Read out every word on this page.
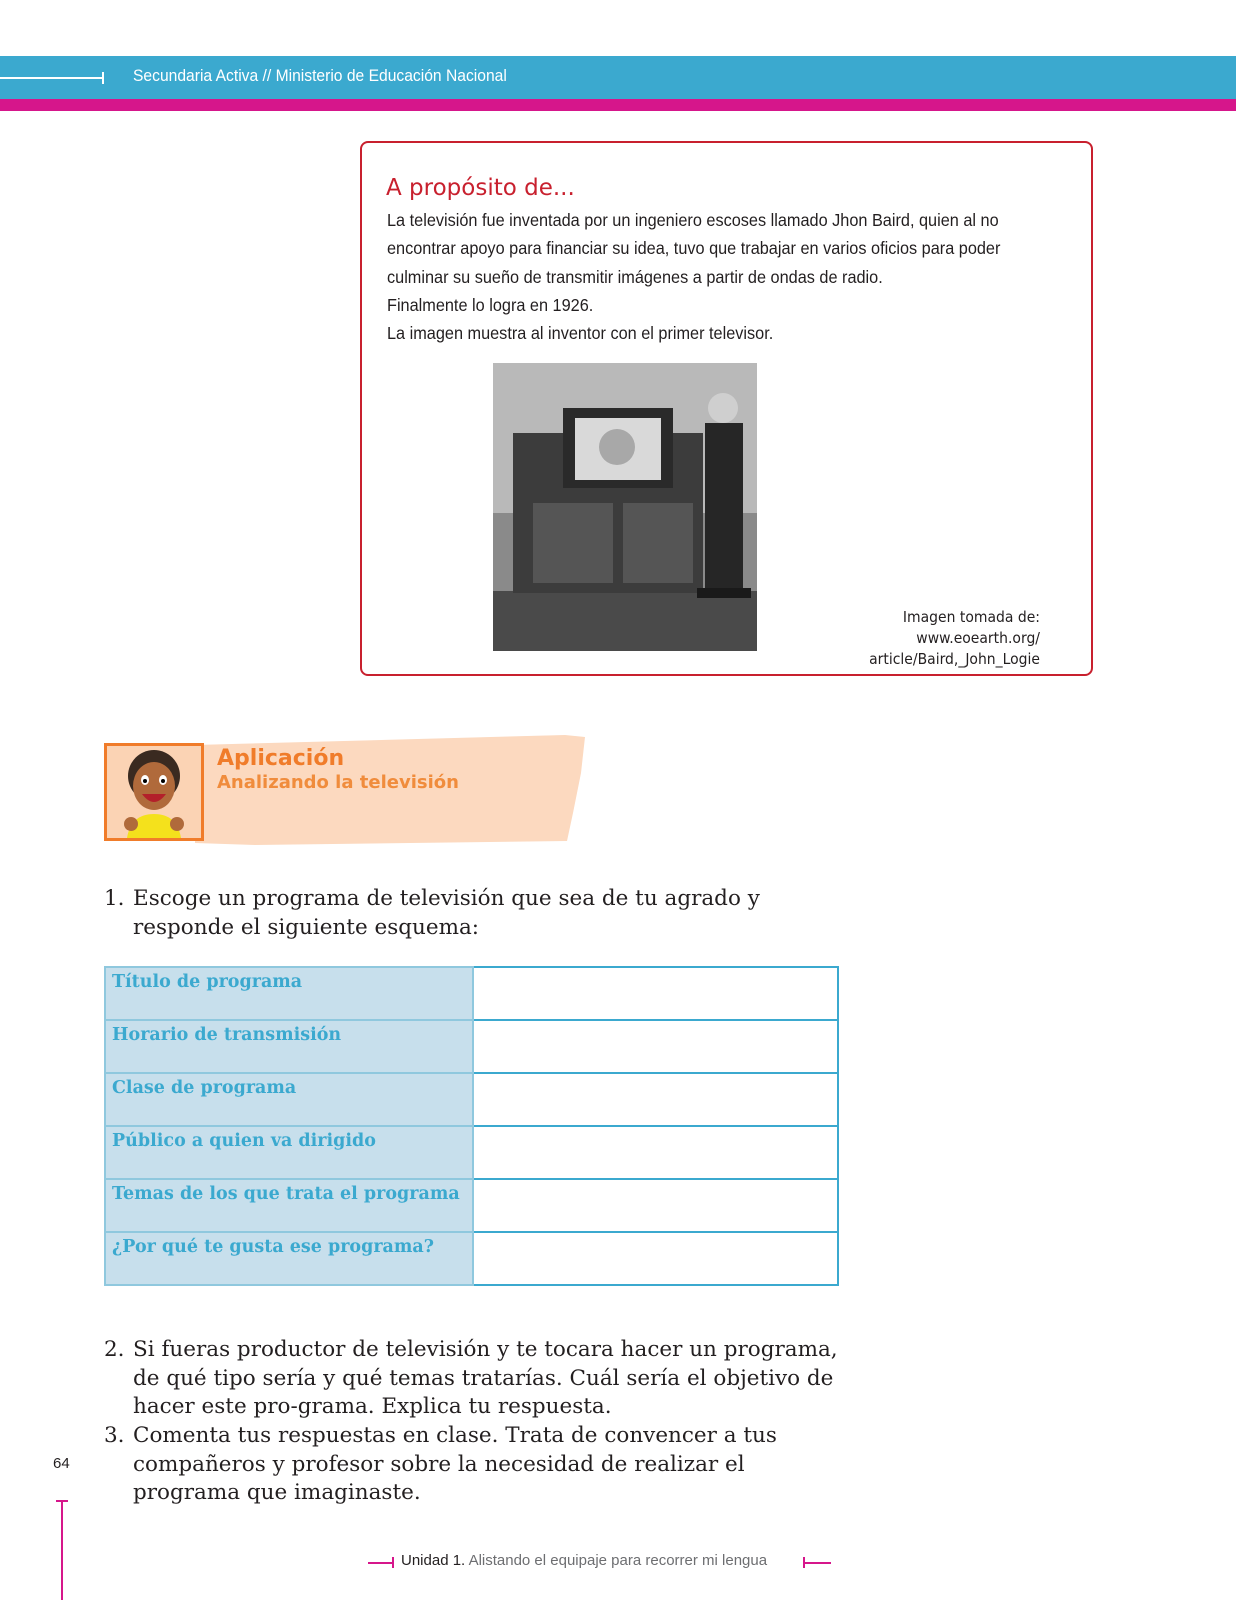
Secundaria Activa // Ministerio de Educación Nacional
A propósito de...

La televisión fue inventada por un ingeniero escoses llamado Jhon Baird, quien al no encontrar apoyo para financiar su idea, tuvo que trabajar en varios oficios para poder culminar su sueño de transmitir imágenes a partir de ondas de radio.

Finalmente lo logra en 1926.

La imagen muestra al inventor con el primer televisor.

Imagen tomada de: www.eoearth.org/
article/Baird,_John_Logie
Aplicación
Analizando la televisión
1. Escoge un programa de televisión que sea de tu agrado y responde el siguiente esquema:
Título de programa	
Horario de transmisión	
Clase de programa	
Público a quien va dirigido	
Temas de los que trata el programa	
¿Por qué te gusta ese programa?	
2. Si fueras productor de televisión y te tocara hacer un programa, de qué tipo sería y qué temas tratarías. Cuál sería el objetivo de hacer este pro-grama. Explica tu respuesta.
3. Comenta tus respuestas en clase. Trata de convencer a tus compañeros y profesor sobre la necesidad de realizar el programa que imaginaste.
64
Unidad 1. Alistando el equipaje para recorrer mi lengua
